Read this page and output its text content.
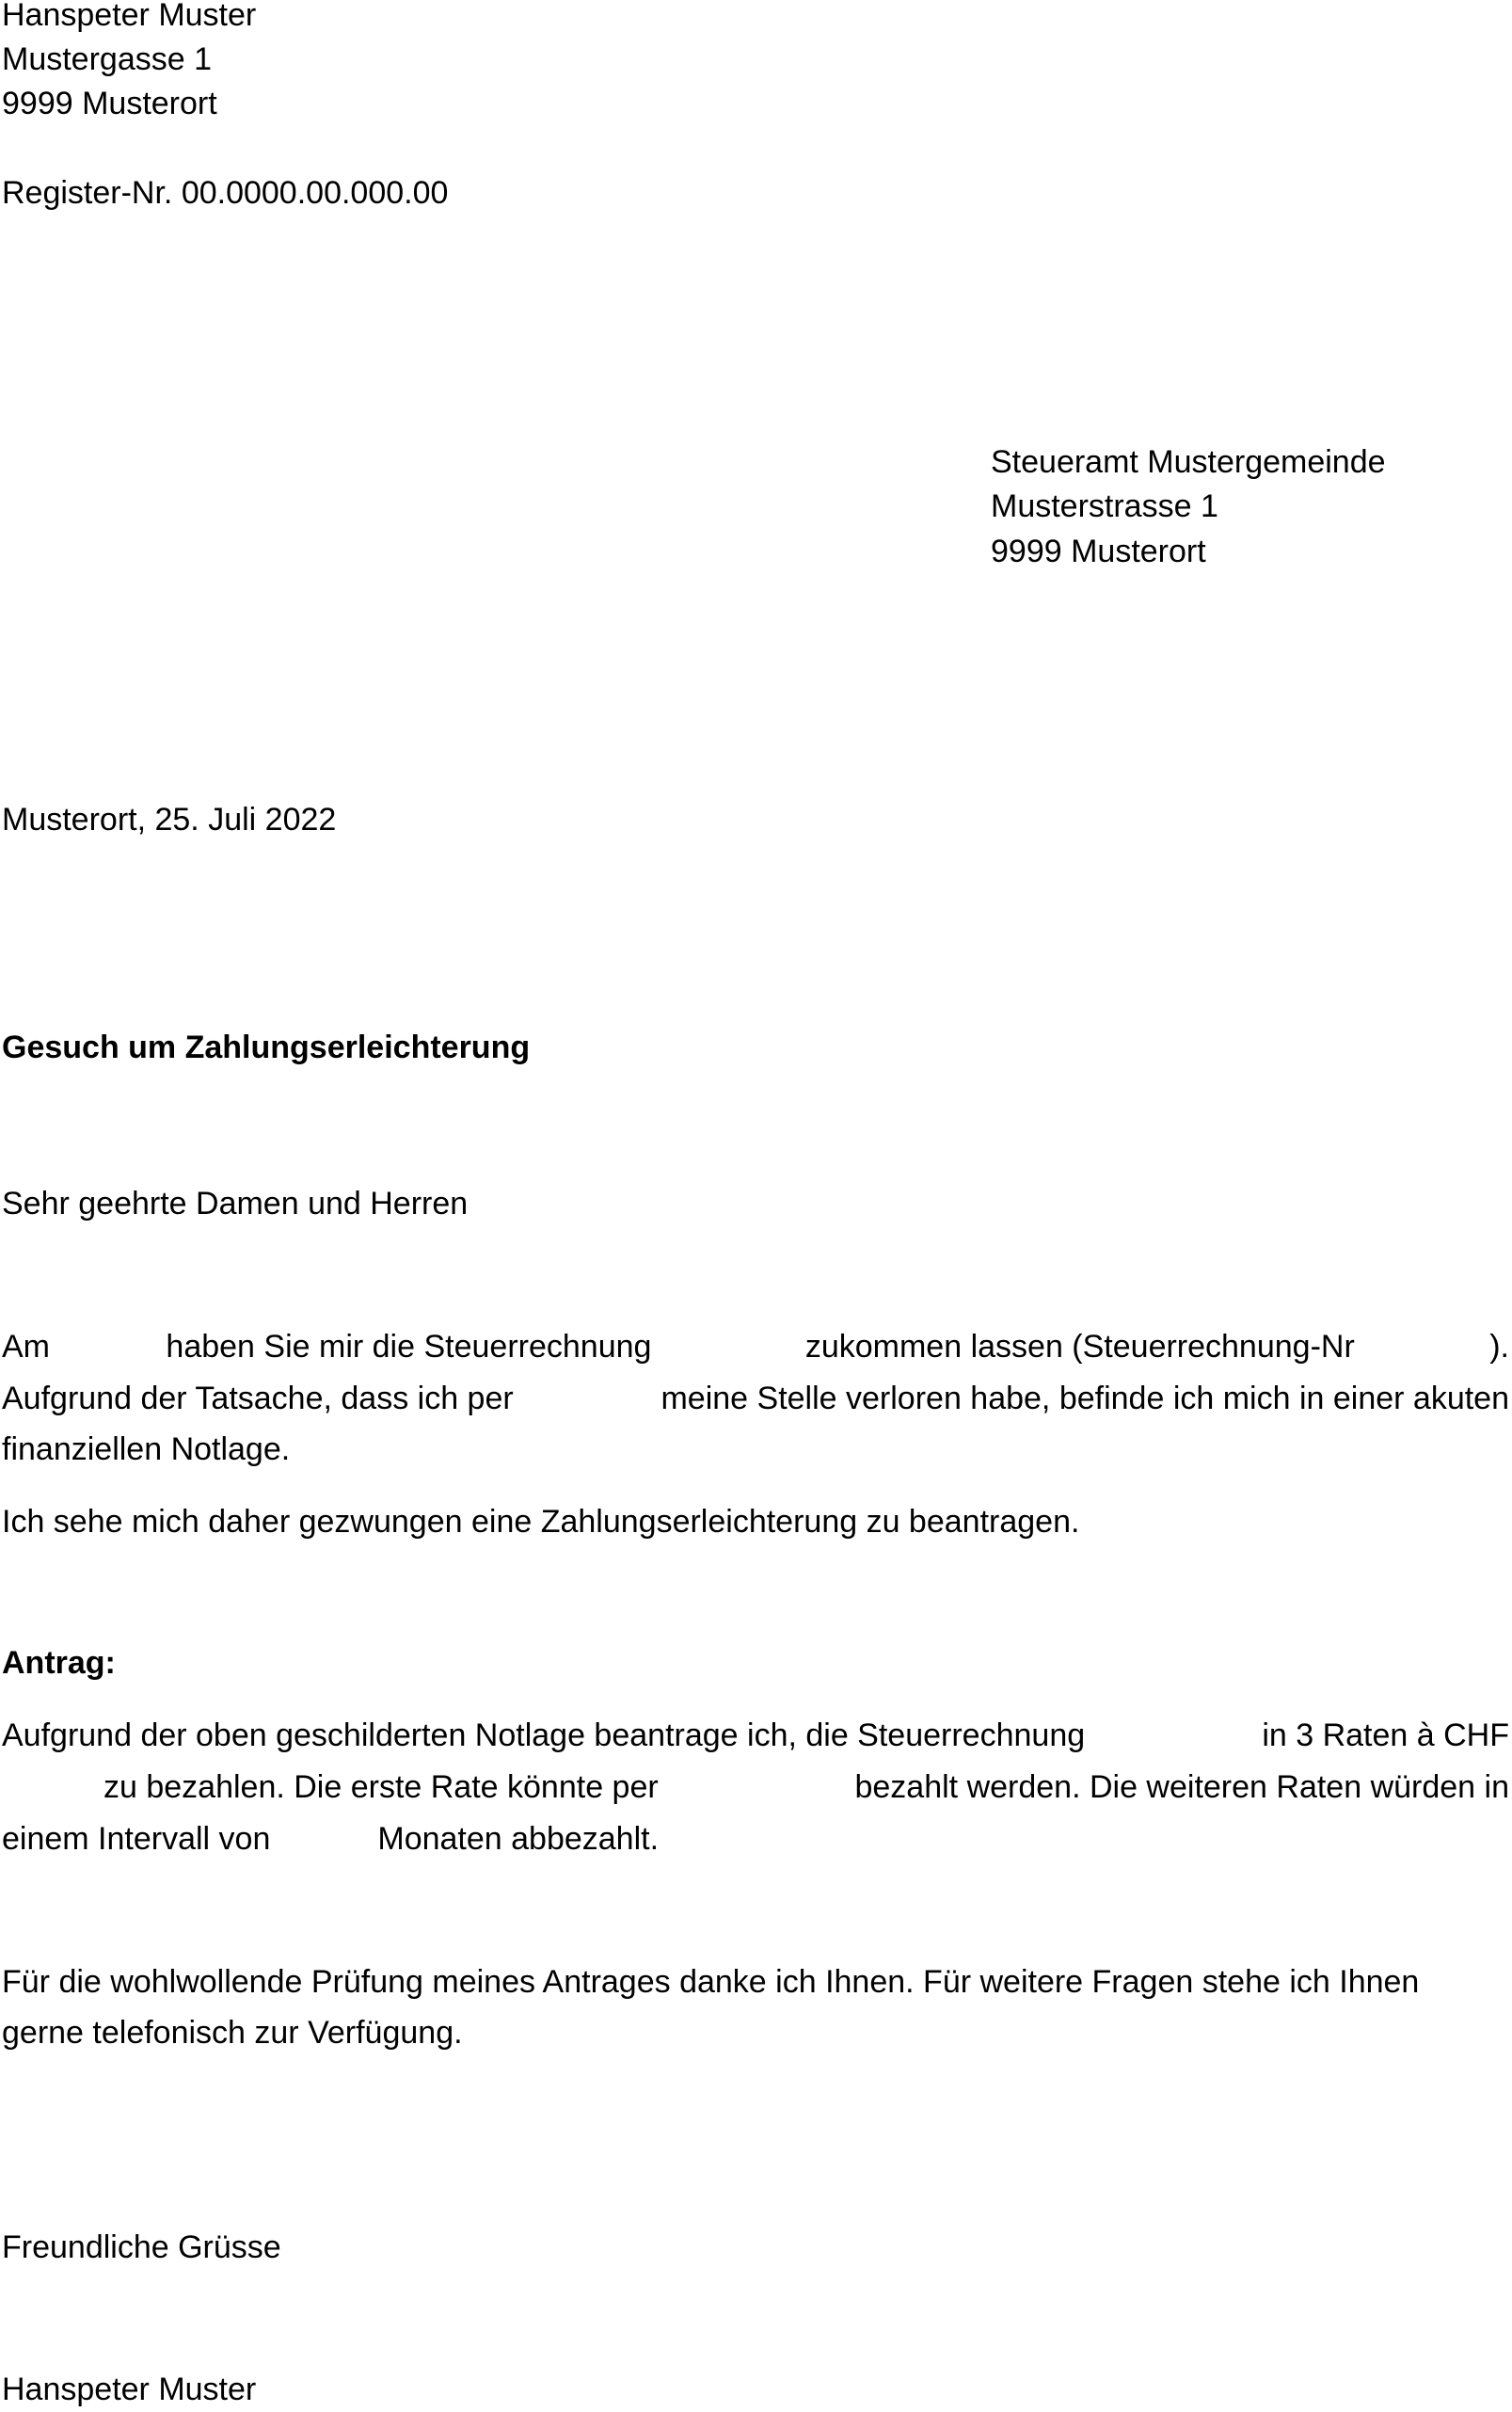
Hanspeter Muster
Mustergasse 1
9999 Musterort
Register-Nr. 00.0000.00.000.00
Steueramt Mustergemeinde
Musterstrasse 1
9999 Musterort
Musterort, 25. Juli 2022
Gesuch um Zahlungserleichterung
Sehr geehrte Damen und Herren
Am	haben Sie mir die Steuerrechnung	zukommen lassen (Steuerrechnung-Nr	).
Aufgrund der Tatsache, dass ich per	meine Stelle verloren habe, befinde ich mich in einer akuten
finanziellen Notlage.
Ich sehe mich daher gezwungen eine Zahlungserleichterung zu beantragen.
Antrag:
Aufgrund der oben geschilderten Notlage beantrage ich, die Steuerrechnung	in 3 Raten à CHF
zu bezahlen. Die erste Rate könnte per	bezahlt werden. Die weiteren Raten würden in
einem Intervall von	Monaten abbezahlt.
Für die wohlwollende Prüfung meines Antrages danke ich Ihnen. Für weitere Fragen stehe ich Ihnen
gerne telefonisch zur Verfügung.
Freundliche Grüsse
Hanspeter Muster
